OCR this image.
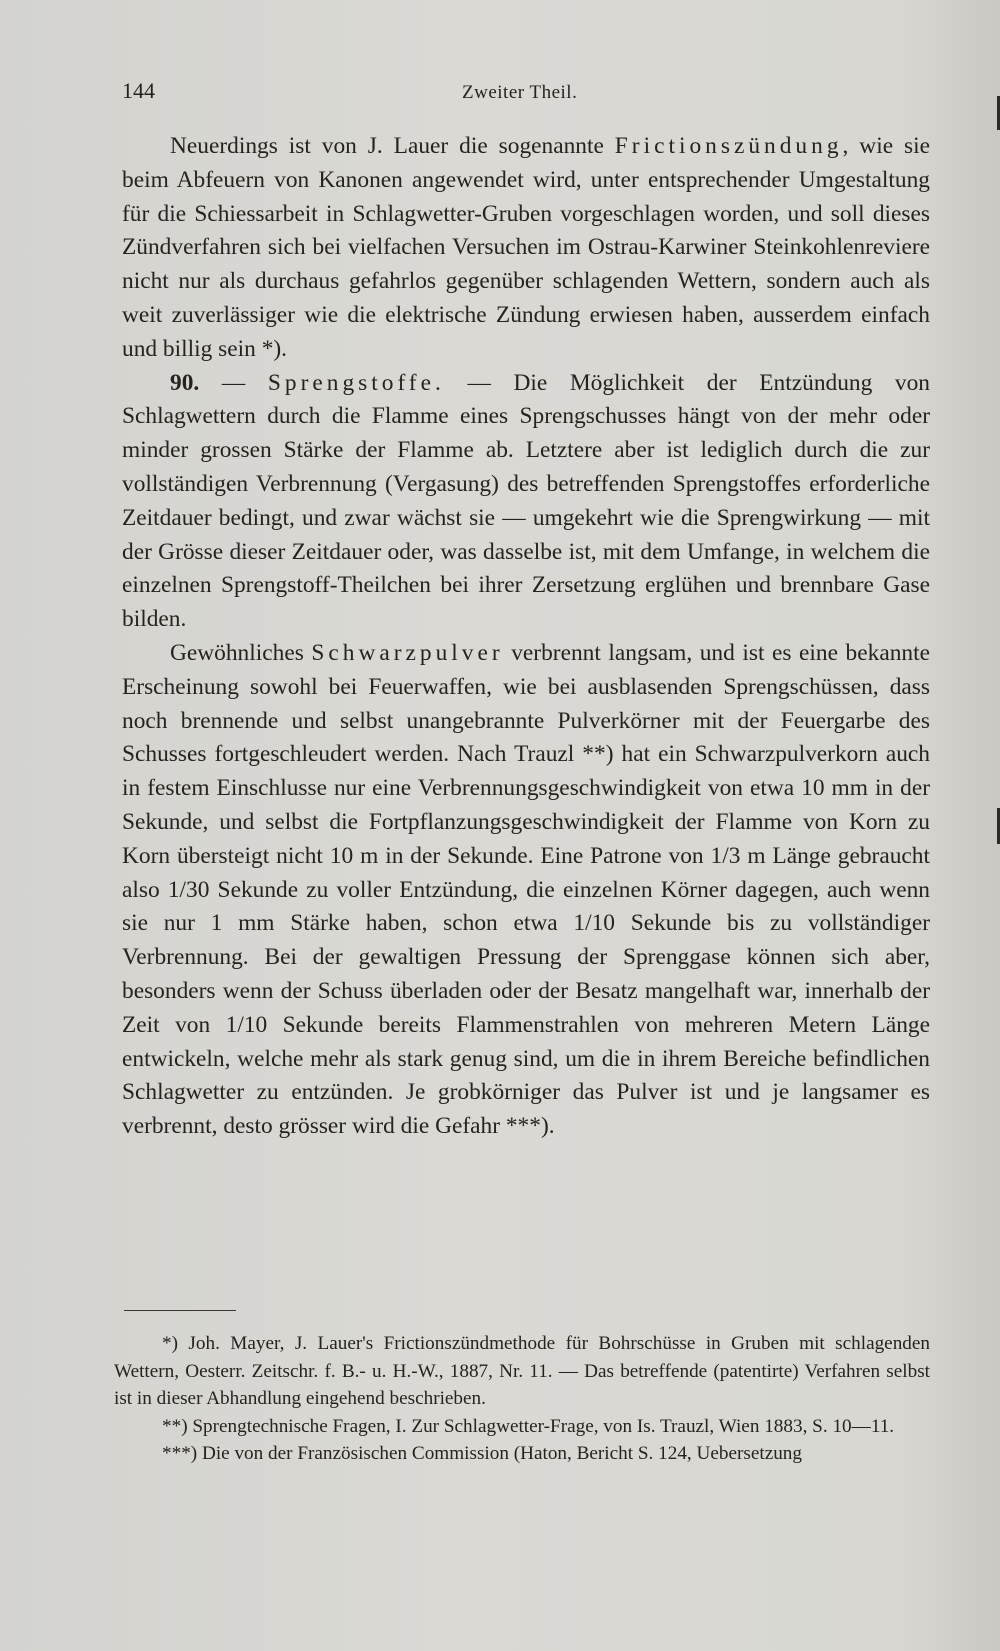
144	Zweiter Theil.

Neuerdings ist von J. Lauer die sogenannte Frictionszündung, wie sie beim Abfeuern von Kanonen angewendet wird, unter entsprechender Umgestaltung für die Schiessarbeit in Schlagwetter-Gruben vorgeschlagen worden, und soll dieses Zündverfahren sich bei vielfachen Versuchen im Ostrau-Karwiner Steinkohlenreviere nicht nur als durchaus gefahrlos gegenüber schlagenden Wettern, sondern auch als weit zuverlässiger wie die elektrische Zündung erwiesen haben, ausserdem einfach und billig sein *).

90. — Sprengstoffe. — Die Möglichkeit der Entzündung von Schlagwettern durch die Flamme eines Sprengschusses hängt von der mehr oder minder grossen Stärke der Flamme ab. Letztere aber ist lediglich durch die zur vollständigen Verbrennung (Vergasung) des betreffenden Sprengstoffes erforderliche Zeitdauer bedingt, und zwar wächst sie — umgekehrt wie die Sprengwirkung — mit der Grösse dieser Zeitdauer oder, was dasselbe ist, mit dem Umfange, in welchem die einzelnen Sprengstoff-Theilchen bei ihrer Zersetzung erglühen und brennbare Gase bilden.

Gewöhnliches Schwarzpulver verbrennt langsam, und ist es eine bekannte Erscheinung sowohl bei Feuerwaffen, wie bei ausblasenden Sprengschüssen, dass noch brennende und selbst unangebrannte Pulverkörner mit der Feuergarbe des Schusses fortgeschleudert werden. Nach Trauzl **) hat ein Schwarzpulverkorn auch in festem Einschlusse nur eine Verbrennungsgeschwindigkeit von etwa 10 mm in der Sekunde, und selbst die Fortpflanzungsgeschwindigkeit der Flamme von Korn zu Korn übersteigt nicht 10 m in der Sekunde. Eine Patrone von 1/3 m Länge gebraucht also 1/30 Sekunde zu voller Entzündung, die einzelnen Körner dagegen, auch wenn sie nur 1 mm Stärke haben, schon etwa 1/10 Sekunde bis zu vollständiger Verbrennung. Bei der gewaltigen Pressung der Sprenggase können sich aber, besonders wenn der Schuss überladen oder der Besatz mangelhaft war, innerhalb der Zeit von 1/10 Sekunde bereits Flammenstrahlen von mehreren Metern Länge entwickeln, welche mehr als stark genug sind, um die in ihrem Bereiche befindlichen Schlagwetter zu entzünden. Je grobkörniger das Pulver ist und je langsamer es verbrennt, desto grösser wird die Gefahr ***).

*) Joh. Mayer, J. Lauer's Frictionszündmethode für Bohrschüsse in Gruben mit schlagenden Wettern, Oesterr. Zeitschr. f. B.- u. H.-W., 1887, Nr. 11. — Das betreffende (patentirte) Verfahren selbst ist in dieser Abhandlung eingehend beschrieben.

**) Sprengtechnische Fragen, I. Zur Schlagwetter-Frage, von Is. Trauzl, Wien 1883, S. 10—11.

***) Die von der Französischen Commission (Haton, Bericht S. 124, Uebersetzung
